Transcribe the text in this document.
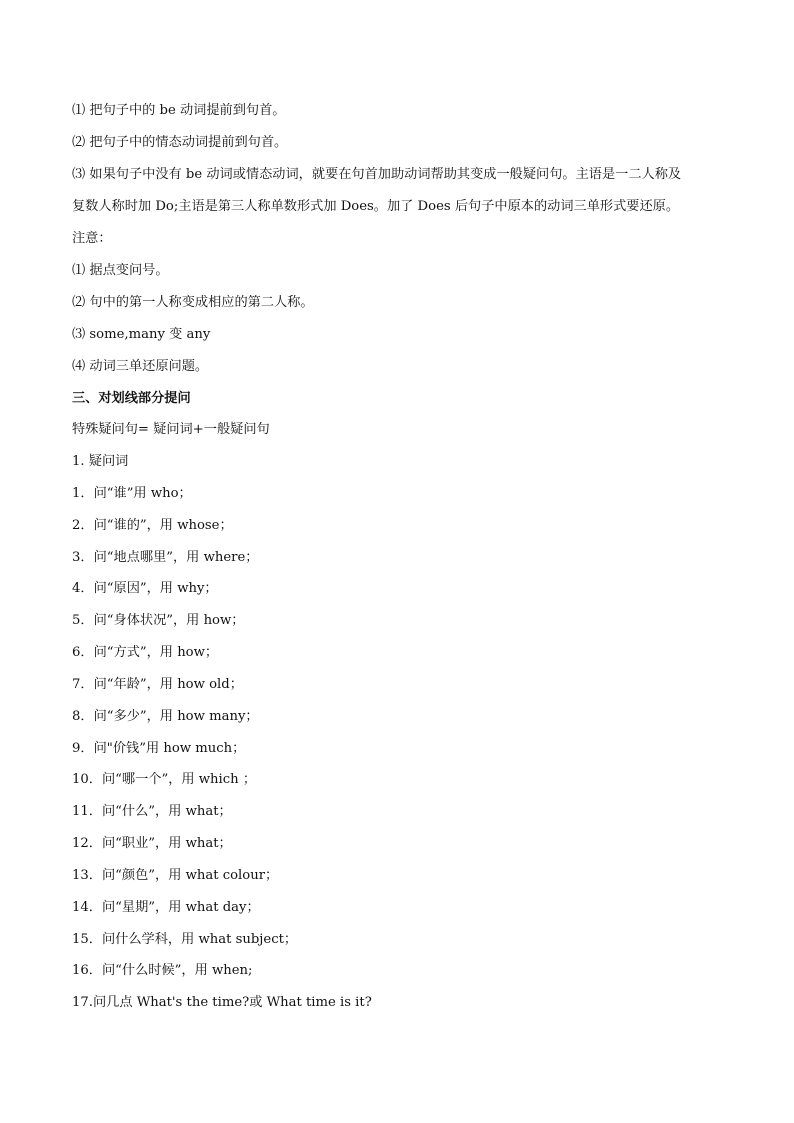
⑴ 把句子中的 be 动词提前到句首。
⑵ 把句子中的情态动词提前到句首。
⑶ 如果句子中没有 be 动词或情态动词，就要在句首加助动词帮助其变成一般疑问句。主语是一二人称及
复数人称时加 Do;主语是第三人称单数形式加 Does。加了 Does 后句子中原本的动词三单形式要还原。
注意：
⑴ 据点变问号。
⑵ 句中的第一人称变成相应的第二人称。
⑶ some,many 变 any
⑷ 动词三单还原问题。
三、对划线部分提问
特殊疑问句= 疑问词+一般疑问句
1. 疑问词
1．问“谁”用 who；
2．问“谁的”，用 whose；
3．问“地点哪里”，用 where；
4．问“原因”，用 why；
5．问“身体状况”，用 how；
6．问“方式”，用 how；
7．问“年龄”，用 how old；
8．问“多少”，用 how many；
9．问"价钱”用 how much；
10．问“哪一个”，用 which ；
11．问“什么”，用 what；
12．问“职业”，用 what；
13．问“颜色”，用 what colour；
14．问“星期”，用 what day；
15．问什么学科，用 what subject；
16．问“什么时候”，用 when;
17.问几点 What's the time?或 What time is it?
